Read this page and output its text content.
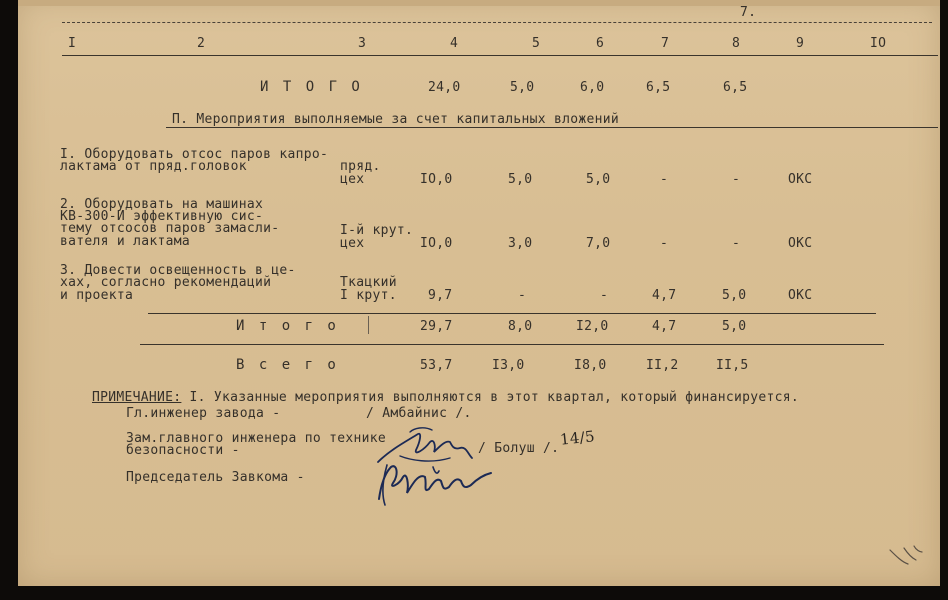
7.
I	2	3	4	5	6	7	8	9	IO
И Т О Г О	24,0	5,0	6,0	6,5	6,5
П. Мероприятия выполняемые за счет капитальных вложений
I. Оборудовать отсос паров капро-
лактама от пряд.головок	пряд.
цех	IO,0	5,0	5,0	-	-	ОКС
2. Оборудовать на машинах
КВ-300-И эффективную сис-
тему отсосов паров замасли-
вателя и лактама
I-й крут.
цех	IO,0	3,0	7,0	-	-	ОКС
3. Довести освещенность в це-
хах, согласно рекомендаций
и проекта
Ткацкий
I крут. 9,7	-	-	4,7	5,0	ОКС
И т о г о	29,7	8,0	I2,0	4,7	5,0
В с е г о	53,7	I3,0	I8,0	II,2	II,5
ПРИМЕЧАНИЕ: I. Указанные мероприятия выполняются в этот квартал, который финансируется.
Гл.инженер завода -	/ Амбайнис /.
Зам.главного инженера по технике
безопасности -	/ Болуш /. 14/5
Председатель Завкома -
